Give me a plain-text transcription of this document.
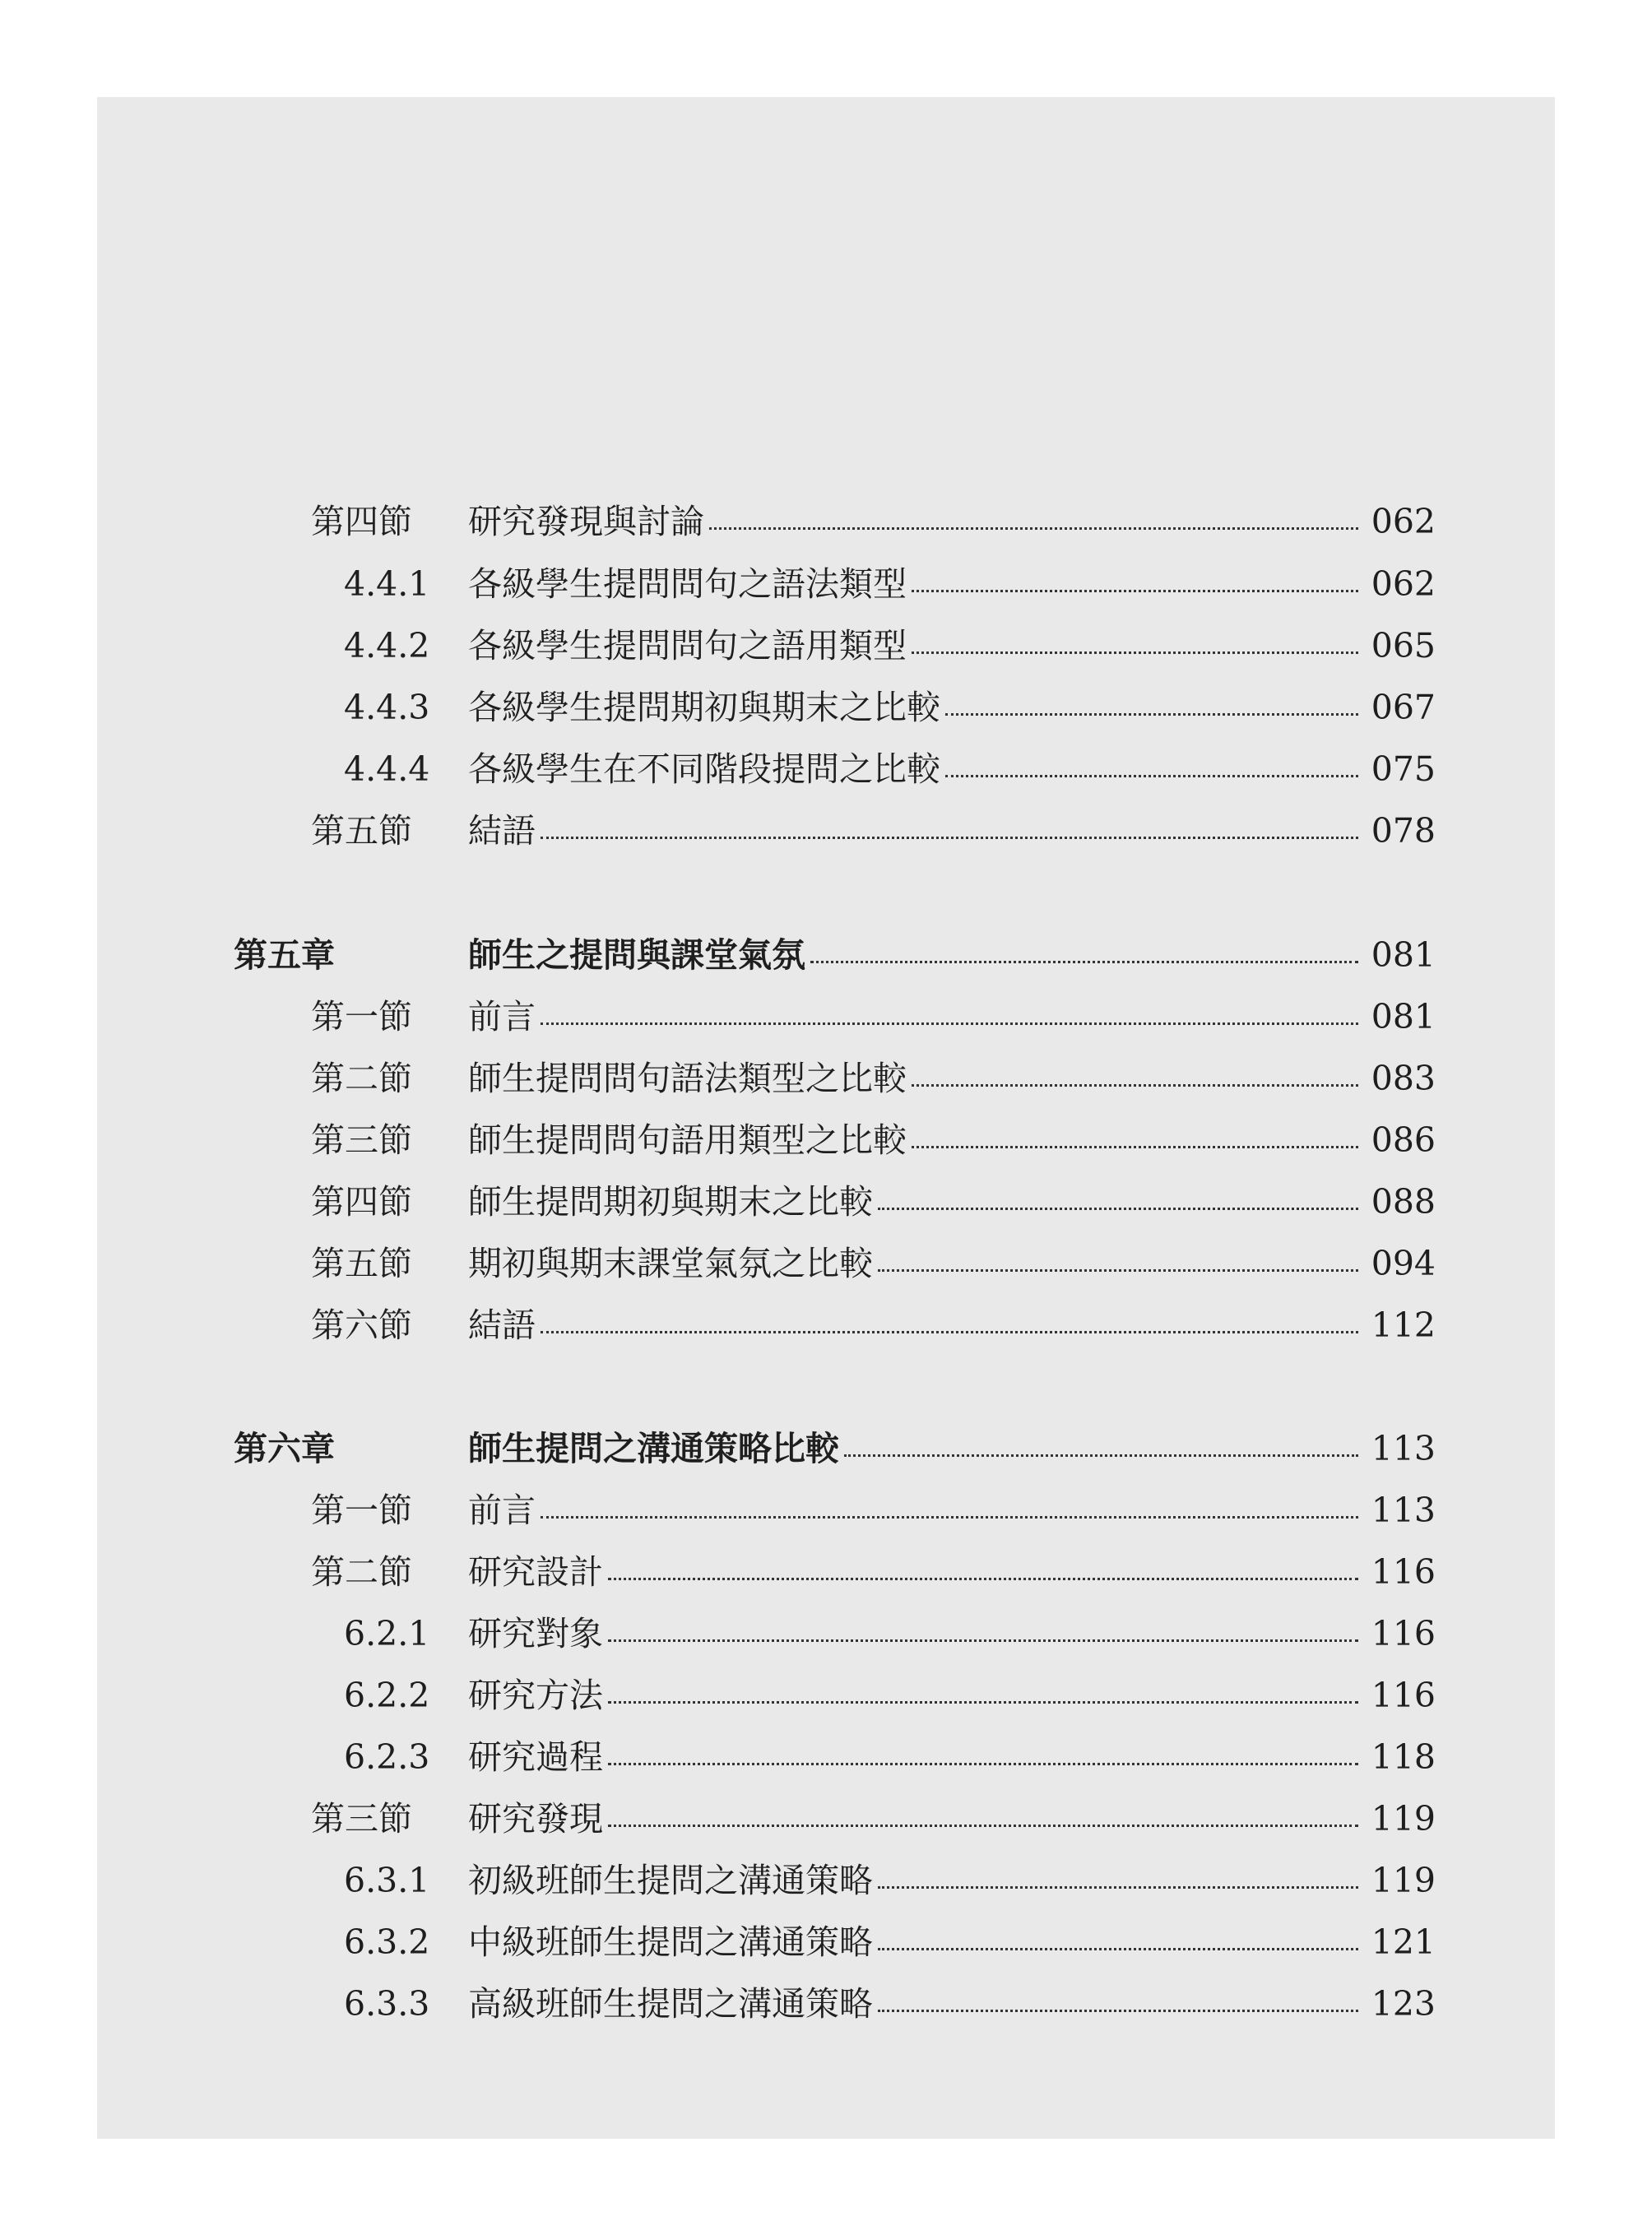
第四節 研究發現與討論	062
4.4.1 各級學生提問問句之語法類型	062
4.4.2 各級學生提問問句之語用類型	065
4.4.3 各級學生提問期初與期末之比較	067
4.4.4 各級學生在不同階段提問之比較	075
第五節 結語	078
第五章	師生之提問與課堂氣氛	081
第一節 前言	081
第二節 師生提問問句語法類型之比較	083
第三節 師生提問問句語用類型之比較	086
第四節 師生提問期初與期末之比較	088
第五節 期初與期末課堂氣氛之比較	094
第六節 結語	112
第六章	師生提問之溝通策略比較	113
第一節 前言	113
第二節 研究設計	116
6.2.1 研究對象	116
6.2.2 研究方法	116
6.2.3 研究過程	118
第三節 研究發現	119
6.3.1 初級班師生提問之溝通策略	119
6.3.2 中級班師生提問之溝通策略	121
6.3.3 高級班師生提問之溝通策略	123
